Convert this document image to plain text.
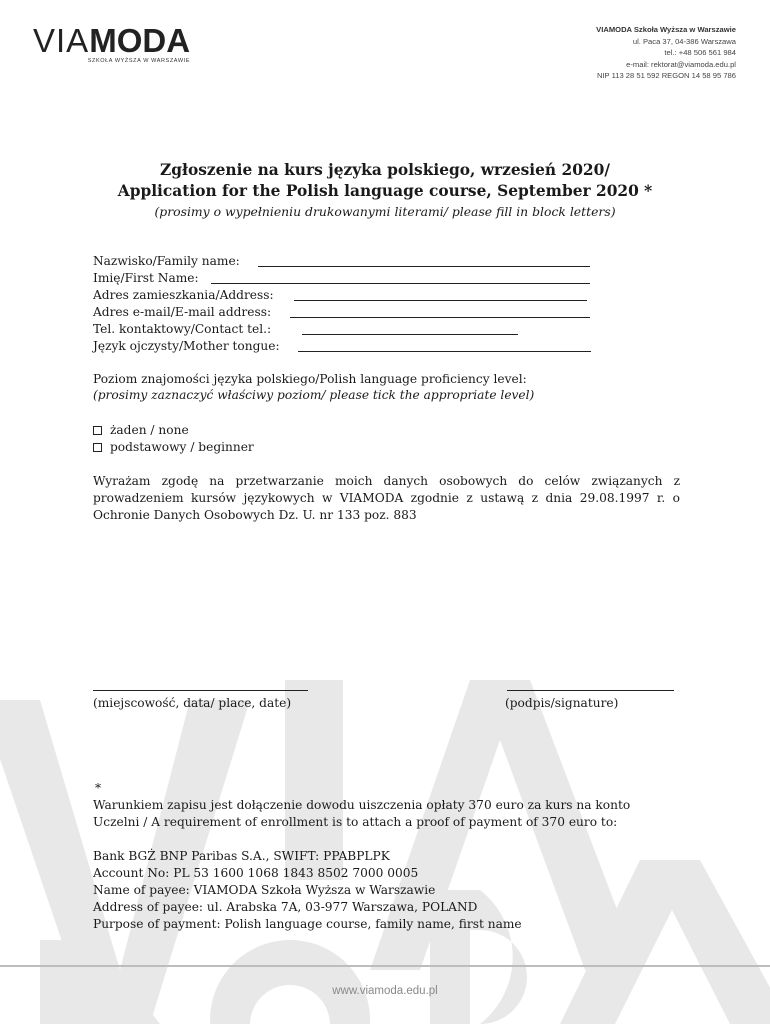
VIAMODA
SZKOŁA WYŻSZA W WARSZAWIE
VIAMODA Szkoła Wyższa w Warszawie
ul. Paca 37, 04-386 Warszawa
tel.: +48 506 561 984
e-mail: rektorat@viamoda.edu.pl
NIP 113 28 51 592 REGON 14 58 95 786
Zgłoszenie na kurs języka polskiego, wrzesień 2020/
Application for the Polish language course, September 2020 *
(prosimy o wypełnieniu drukowanymi literami/ please fill in block letters)
Nazwisko/Family name:
Imię/First Name:
Adres zamieszkania/Address:
Adres e-mail/E-mail address:
Tel. kontaktowy/Contact tel.:
Język ojczysty/Mother tongue:
Poziom znajomości języka polskiego/Polish language proficiency level:
(prosimy zaznaczyć właściwy poziom/ please tick the appropriate level)
żaden / none
podstawowy / beginner
Wyrażam zgodę na przetwarzanie moich danych osobowych do celów związanych z prowadzeniem kursów językowych w VIAMODA zgodnie z ustawą z dnia 29.08.1997 r. o Ochronie Danych Osobowych Dz. U. nr 133 poz. 883
(miejscowość, data/ place, date)	(podpis/signature)
*
Warunkiem zapisu jest dołączenie dowodu uiszczenia opłaty 370 euro za kurs na konto
Uczelni / A requirement of enrollment is to attach a proof of payment of 370 euro to:
Bank BGŻ BNP Paribas S.A., SWIFT: PPABPLPK
Account No: PL 53 1600 1068 1843 8502 7000 0005
Name of payee: VIAMODA Szkoła Wyższa w Warszawie
Address of payee: ul. Arabska 7A, 03-977 Warszawa, POLAND
Purpose of payment: Polish language course, family name, first name
www.viamoda.edu.pl
